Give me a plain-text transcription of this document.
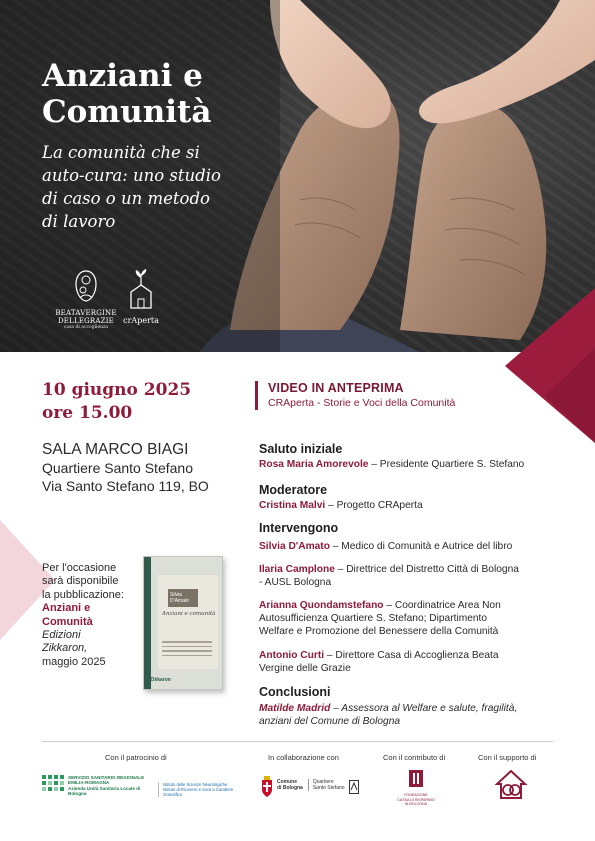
Anziani e
Comunità
La comunità che si
auto-cura: uno studio
di caso o un metodo
di lavoro
BEATAVERGINE
DELLEGRAZIE
casa di accoglienza
crAperta
10 giugno 2025
ore 15.00
SALA MARCO BIAGI
Quartiere Santo Stefano
Via Santo Stefano 119, BO
Per l'occasione
sarà disponibile
la pubblicazione:
Anziani e
Comunità
Edizioni
Zikkaron,
maggio 2025
Silvia D'Amato
Anziani e comunità
Zikkaron
VIDEO IN ANTEPRIMA
CRAperta - Storie e Voci della Comunità
Saluto iniziale
Rosa Maria Amorevole – Presidente Quartiere S. Stefano
Moderatore
Cristina Malvi – Progetto CRAperta
Intervengono
Silvia D'Amato – Medico di Comunità e Autrice del libro
Ilaria Camplone – Direttrice del Distretto Città di Bologna
- AUSL Bologna
Arianna Quondamstefano – Coordinatrice Area Non
Autosufficienza Quartiere S. Stefano; Dipartimento
Welfare e Promozione del Benessere della Comunità
Antonio Curti – Direttore Casa di Accoglienza Beata
Vergine delle Grazie
Conclusioni
Matilde Madrid – Assessora al Welfare e salute, fragilità,
anziani del Comune di Bologna
Con il patrocinio di	In collaborazione con	Con il contributo di	Con il supporto di
SERVIZIO SANITARIO REGIONALE
EMILIA-ROMAGNA
Azienda Unità Sanitaria Locale di Bologna
Istituto delle Scienze Neurologiche
Istituto di Ricovero e Cura a Carattere Scientifico
Comune
di Bologna
Quartiere
Santo Stefano
FONDAZIONE
CASSA DI RISPARMIO
IN BOLOGNA
